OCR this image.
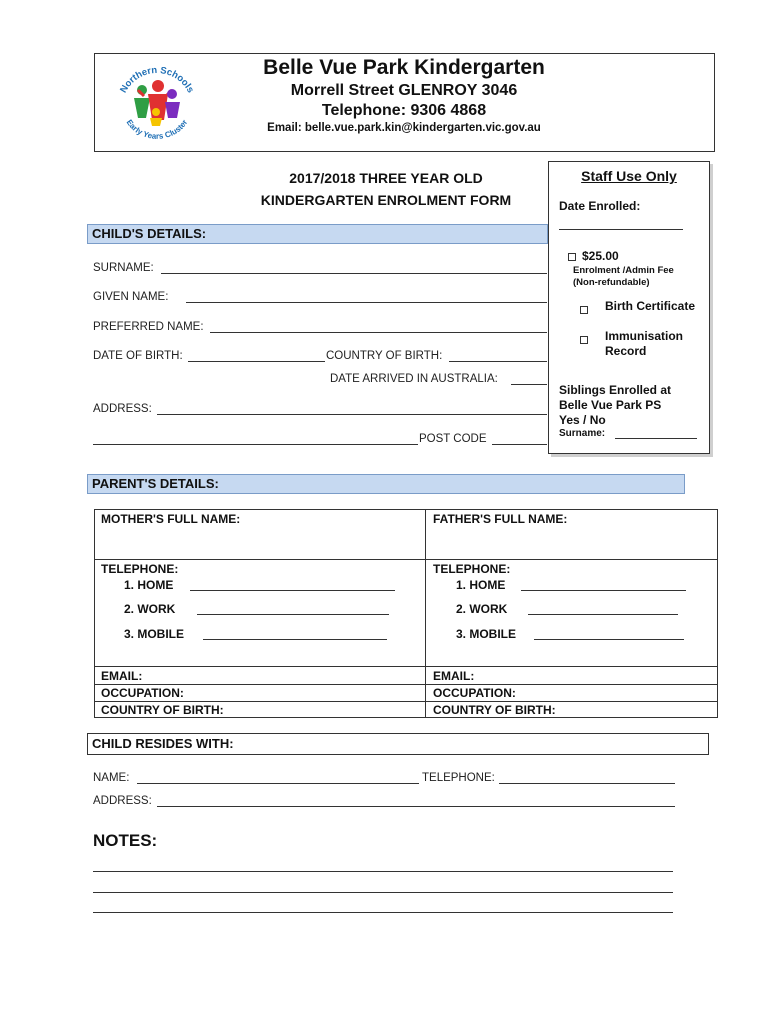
Northern Schools
Early Years Cluster
Belle Vue Park Kindergarten
Morrell Street GLENROY 3046
Telephone: 9306 4868
Email: belle.vue.park.kin@kindergarten.vic.gov.au
2017/2018 THREE YEAR OLD
KINDERGARTEN ENROLMENT FORM
Staff Use Only
Date Enrolled:
$25.00
Enrolment /Admin Fee
(Non-refundable)
Birth Certificate
Immunisation
Record
Siblings Enrolled at
Belle Vue Park PS
Yes / No
Surname:
CHILD'S DETAILS:
SURNAME:
GIVEN NAME:
PREFERRED NAME:
DATE OF BIRTH:	COUNTRY OF BIRTH:
DATE ARRIVED IN AUSTRALIA:
ADDRESS:
POST CODE
PARENT'S DETAILS:
MOTHER'S FULL NAME:
TELEPHONE:
1. HOME
2. WORK
3. MOBILE
EMAIL:
OCCUPATION:
COUNTRY OF BIRTH:
FATHER'S FULL NAME:
TELEPHONE:
1. HOME
2. WORK
3. MOBILE
EMAIL:
OCCUPATION:
COUNTRY OF BIRTH:
CHILD RESIDES WITH:
NAME:	TELEPHONE:
ADDRESS:
NOTES:
